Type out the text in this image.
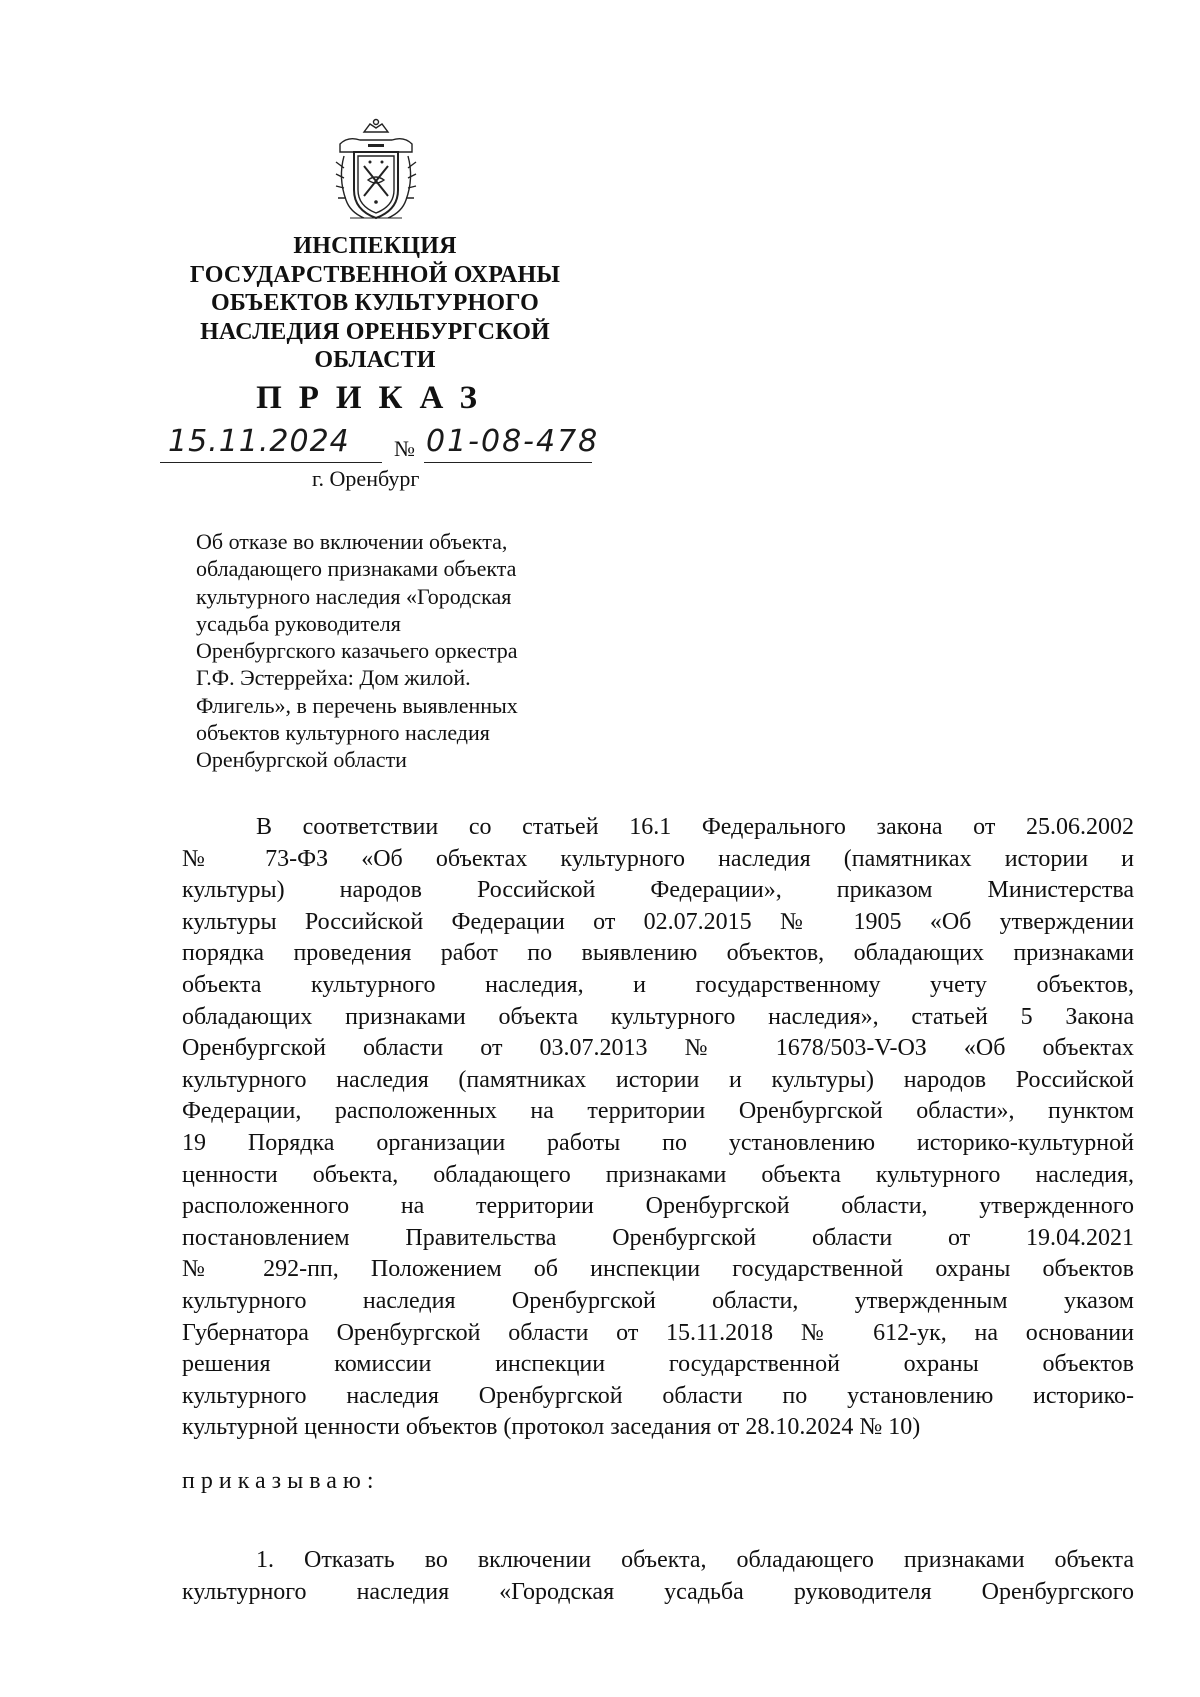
ИНСПЕКЦИЯ
ГОСУДАРСТВЕННОЙ ОХРАНЫ
ОБЪЕКТОВ КУЛЬТУРНОГО
НАСЛЕДИЯ ОРЕНБУРГСКОЙ
ОБЛАСТИ
ПРИКАЗ
15.11.2024 № 01-08-478
г. Оренбург
Об отказе во включении объекта,
обладающего признаками объекта
культурного наследия «Городская
усадьба руководителя
Оренбургского казачьего оркестра
Г.Ф. Эстеррейха: Дом жилой.
Флигель», в перечень выявленных
объектов культурного наследия
Оренбургской области
В соответствии со статьей 16.1 Федерального закона от 25.06.2002
№ 73-ФЗ «Об объектах культурного наследия (памятниках истории и
культуры) народов Российской Федерации», приказом Министерства
культуры Российской Федерации от 02.07.2015 № 1905 «Об утверждении
порядка проведения работ по выявлению объектов, обладающих признаками
объекта культурного наследия, и государственному учету объектов,
обладающих признаками объекта культурного наследия», статьей 5 Закона
Оренбургской области от 03.07.2013 № 1678/503-V-ОЗ «Об объектах
культурного наследия (памятниках истории и культуры) народов Российской
Федерации, расположенных на территории Оренбургской области», пунктом
19 Порядка организации работы по установлению историко-культурной
ценности объекта, обладающего признаками объекта культурного наследия,
расположенного на территории Оренбургской области, утвержденного
постановлением Правительства Оренбургской области от 19.04.2021
№ 292-пп, Положением об инспекции государственной охраны объектов
культурного наследия Оренбургской области, утвержденным указом
Губернатора Оренбургской области от 15.11.2018 № 612-ук, на основании
решения комиссии инспекции государственной охраны объектов
культурного наследия Оренбургской области по установлению историко-
культурной ценности объектов (протокол заседания от 28.10.2024 № 10)
приказываю:
1. Отказать во включении объекта, обладающего признаками объекта
культурного наследия «Городская усадьба руководителя Оренбургского
